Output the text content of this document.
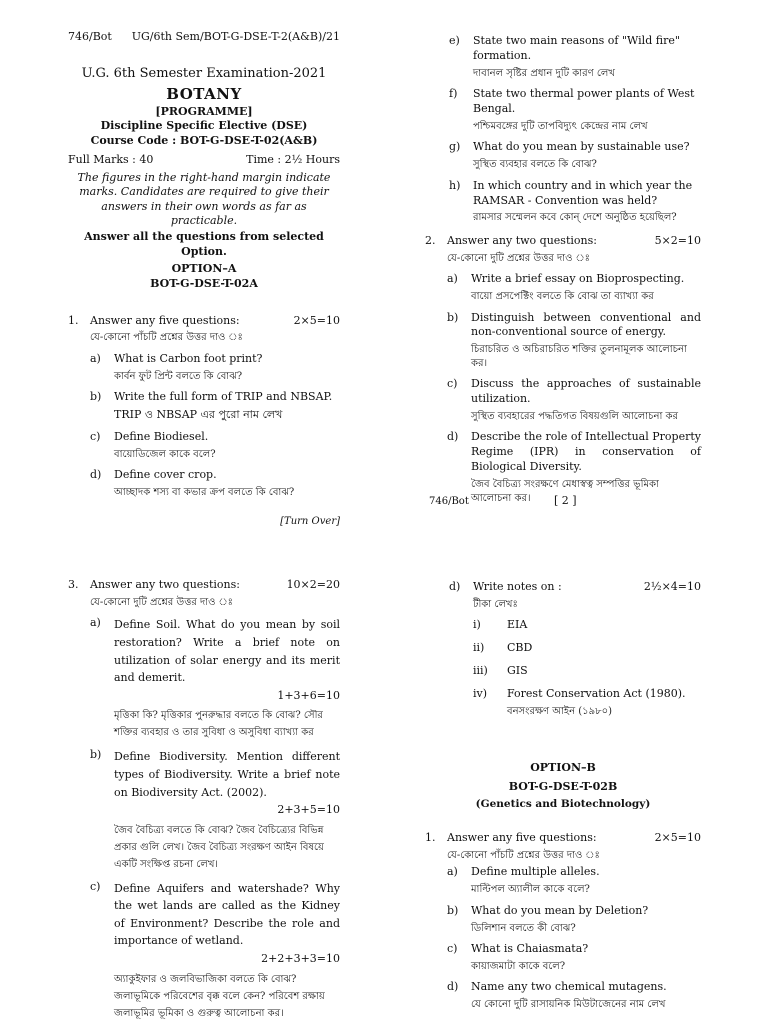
746/Bot UG/6th Sem/BOT-G-DSE-T-2(A&B)/21
U.G. 6th Semester Examination-2021
BOTANY
[PROGRAMME]
Discipline Specific Elective (DSE)
Course Code : BOT-G-DSE-T-02(A&B)
Full Marks : 40	Time : 2½ Hours
The figures in the right-hand margin indicate marks. Candidates are required to give their answers in their own words as far as practicable.
Answer all the questions from selected Option.
OPTION–A
BOT-G-DSE-T-02A
1.	Answer any five questions:	2×5=10
যে-কোনো পাঁচটি প্রশ্নের উত্তর দাও ঃ
a)	What is Carbon foot print?
কার্বন ফুট প্রিন্ট বলতে কি বোঝ?
b)	Write the full form of TRIP and NBSAP.
TRIP ও NBSAP এর পুরো নাম লেখ
c)	Define Biodiesel.
বায়োডিজেল কাকে বলে?
d)	Define cover crop.
আচ্ছাদক শস্য বা কভার ক্রপ বলতে কি বোঝ?
[Turn Over]
e)	State two main reasons of "Wild fire" formation.
দাবানল সৃষ্টির প্রধান দুটি কারণ লেখ
f)	State two thermal power plants of West Bengal.
পশ্চিমবঙ্গের দুটি তাপবিদ্যুৎ কেন্দ্রের নাম লেখ
g)	What do you mean by sustainable use?
সুস্থিত ব্যবহার বলতে কি বোঝ?
h)	In which country and in which year the RAMSAR - Convention was held?
রামসার সম্মেলন কবে কোন্ দেশে অনুষ্ঠিত হয়েছিল?
2.	Answer any two questions:	5×2=10
যে-কোনো দুটি প্রশ্নের উত্তর দাও ঃ
a)	Write a brief essay on Bioprospecting.
বায়ো প্রসপেক্টিং বলতে কি বোঝ তা ব্যাখ্যা কর
b)	Distinguish between conventional and non-conventional source of energy.
চিরাচরিত ও অচিরাচরিত শক্তির তুলনামূলক আলোচনা কর।
c)	Discuss the approaches of sustainable utilization.
সুস্থিত ব্যবহারের পদ্ধতিগত বিষয়গুলি আলোচনা কর
d)	Describe the role of Intellectual Property Regime (IPR) in conservation of Biological Diversity.
জৈব বৈচিত্র্য সংরক্ষণে মেধাস্বত্ব সম্পত্তির ভূমিকা আলোচনা কর।
746/Bot	[ 2 ]
3.	Answer any two questions:	10×2=20
যে-কোনো দুটি প্রশ্নের উত্তর দাও ঃ
a)	Define Soil. What do you mean by soil restoration? Write a brief note on utilization of solar energy and its merit and demerit.
1+3+6=10
মৃত্তিকা কি? মৃত্তিকার পুনরুদ্ধার বলতে কি বোঝ? সৌর শক্তির ব্যবহার ও তার সুবিধা ও অসুবিধা ব্যাখ্যা কর
b)	Define Biodiversity. Mention different types of Biodiversity. Write a brief note on Biodiversity Act. (2002).
2+3+5=10
জৈব বৈচিত্র্য বলতে কি বোঝ? জৈব বৈচিত্র্যের বিভিন্ন প্রকার গুলি লেখ। জৈব বৈচিত্র্য সংরক্ষণ আইন বিষয়ে একটি সংক্ষিপ্ত রচনা লেখ।
c)	Define Aquifers and watershade? Why the wet lands are called as the Kidney of Environment? Describe the role and importance of wetland.
2+2+3+3=10
অ্যাকুইফার ও জলবিভাজিকা বলতে কি বোঝ? জলাভূমিকে পরিবেশের বৃক্ক বলে কেন? পরিবেশ রক্ষায় জলাভূমির ভূমিকা ও গুরুত্ব আলোচনা কর।
d)	Write notes on :	2½×4=10
টীকা লেখঃ
i)	EIA
ii)	CBD
iii)	GIS
iv)	Forest Conservation Act (1980).
বনসংরক্ষণ আইন (১৯৮০)
OPTION–B
BOT-G-DSE-T-02B
(Genetics and Biotechnology)
1.	Answer any five questions:	2×5=10
যে-কোনো পাঁচটি প্রশ্নের উত্তর দাও ঃ
a)	Define multiple alleles.
মাল্টিপল অ্যালীল কাকে বলে?
b)	What do you mean by Deletion?
ডিলিশান বলতে কী বোঝ?
c)	What is Chaiasmata?
কায়াজমাটা কাকে বলে?
d)	Name any two chemical mutagens.
যে কোনো দুটি রাসায়নিক মিউটাজেনের নাম লেখ
